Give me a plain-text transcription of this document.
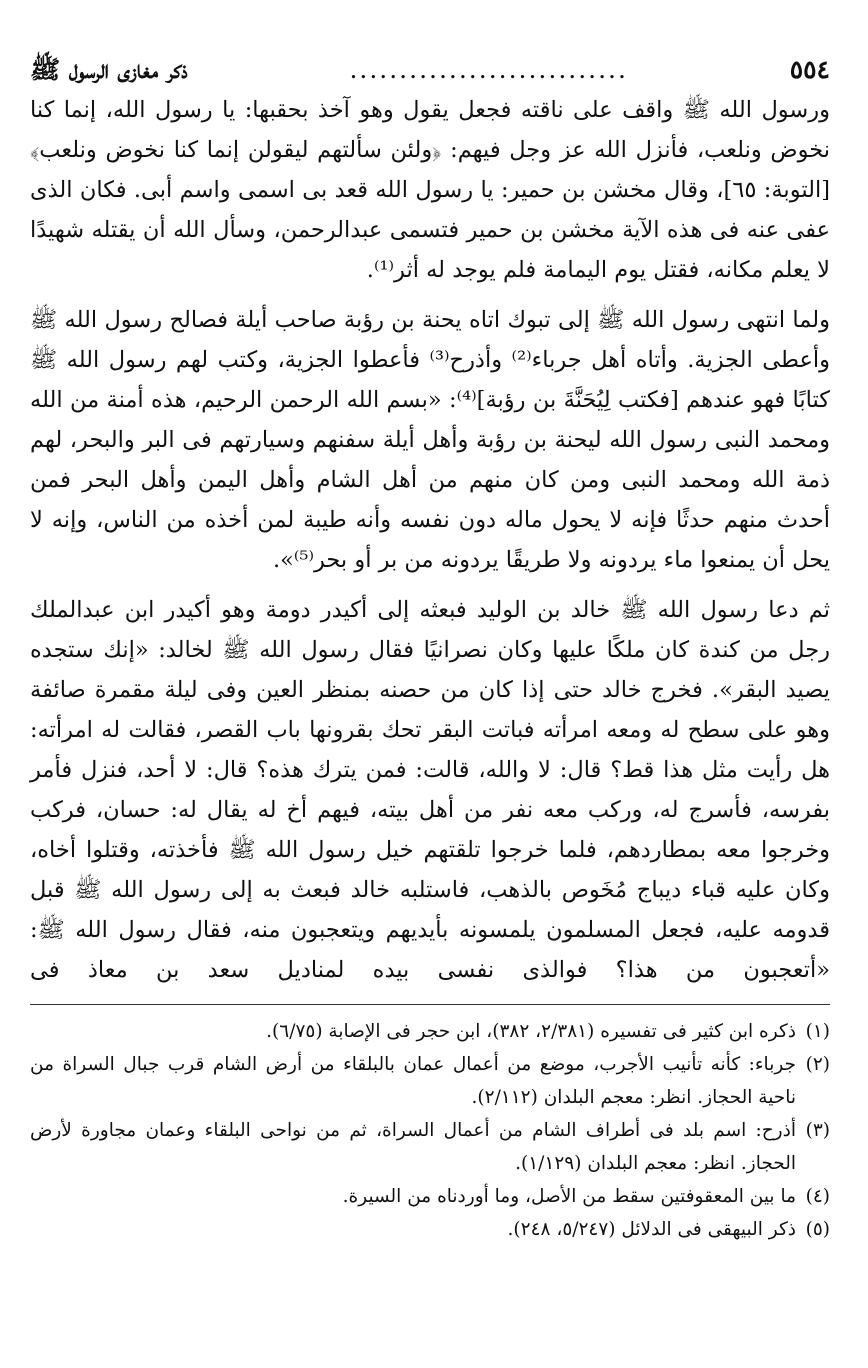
٥٥٤
............................
ذكر مغازى الرسول ﷺ

ورسول الله ﷺ واقف على ناقته فجعل يقول وهو آخذ بحقبها: يا رسول الله، إنما كنا نخوض ونلعب، فأنزل الله عز وجل فيهم: ﴿ولئن سألتهم ليقولن إنما كنا نخوض ونلعب﴾ [التوبة: ٦٥]، وقال مخشن بن حمير: يا رسول الله قعد بى اسمى واسم أبى. فكان الذى عفى عنه فى هذه الآية مخشن بن حمير فتسمى عبدالرحمن، وسأل الله أن يقتله شهيدًا لا يعلم مكانه، فقتل يوم اليمامة فلم يوجد له أثر⁽¹⁾.

ولما انتهى رسول الله ﷺ إلى تبوك اتاه يحنة بن رؤبة صاحب أيلة فصالح رسول الله ﷺ وأعطى الجزية. وأتاه أهل جرباء⁽²⁾ وأذرح⁽³⁾ فأعطوا الجزية، وكتب لهم رسول الله ﷺ كتابًا فهو عندهم [فكتب لِيُحَنَّةَ بن رؤبة]⁽⁴⁾: «بسم الله الرحمن الرحيم، هذه أمنة من الله ومحمد النبى رسول الله ليحنة بن رؤبة وأهل أيلة سفنهم وسيارتهم فى البر والبحر، لهم ذمة الله ومحمد النبى ومن كان منهم من أهل الشام وأهل اليمن وأهل البحر فمن أحدث منهم حدثًا فإنه لا يحول ماله دون نفسه وأنه طيبة لمن أخذه من الناس، وإنه لا يحل أن يمنعوا ماء يردونه ولا طريقًا يردونه من بر أو بحر⁽⁵⁾».

ثم دعا رسول الله ﷺ خالد بن الوليد فبعثه إلى أكيدر دومة وهو أكيدر ابن عبدالملك رجل من كندة كان ملكًا عليها وكان نصرانيًا فقال رسول الله ﷺ لخالد: «إنك ستجده يصيد البقر». فخرج خالد حتى إذا كان من حصنه بمنظر العين وفى ليلة مقمرة صائفة وهو على سطح له ومعه امرأته فباتت البقر تحك بقرونها باب القصر، فقالت له امرأته: هل رأيت مثل هذا قط؟ قال: لا والله، قالت: فمن يترك هذه؟ قال: لا أحد، فنزل فأمر بفرسه، فأسرج له، وركب معه نفر من أهل بيته، فيهم أخ له يقال له: حسان، فركب وخرجوا معه بمطاردهم، فلما خرجوا تلقتهم خيل رسول الله ﷺ فأخذته، وقتلوا أخاه، وكان عليه قباء ديباج مُخَوص بالذهب، فاستلبه خالد فبعث به إلى رسول الله ﷺ قبل قدومه عليه، فجعل المسلمون يلمسونه بأيديهم ويتعجبون منه، فقال رسول الله ﷺ: «أتعجبون من هذا؟ فوالذى نفسى بيده لمناديل سعد بن معاذ فى

(١)
ذكره ابن كثير فى تفسيره (٢/٣٨١، ٣٨٢)، ابن حجر فى الإصابة (٦/٧٥).
(٢)
جرباء: كأنه تأنيب الأجرب، موضع من أعمال عمان بالبلقاء من أرض الشام قرب جبال السراة من ناحية الحجاز. انظر: معجم البلدان (٢/١١٢).
(٣)
أذرح: اسم بلد فى أطراف الشام من أعمال السراة، ثم من نواحى البلقاء وعمان مجاورة لأرض الحجاز. انظر: معجم البلدان (١/١٢٩).
(٤)
ما بين المعقوفتين سقط من الأصل، وما أوردناه من السيرة.
(٥)
ذكر البيهقى فى الدلائل (٥/٢٤٧، ٢٤٨).
